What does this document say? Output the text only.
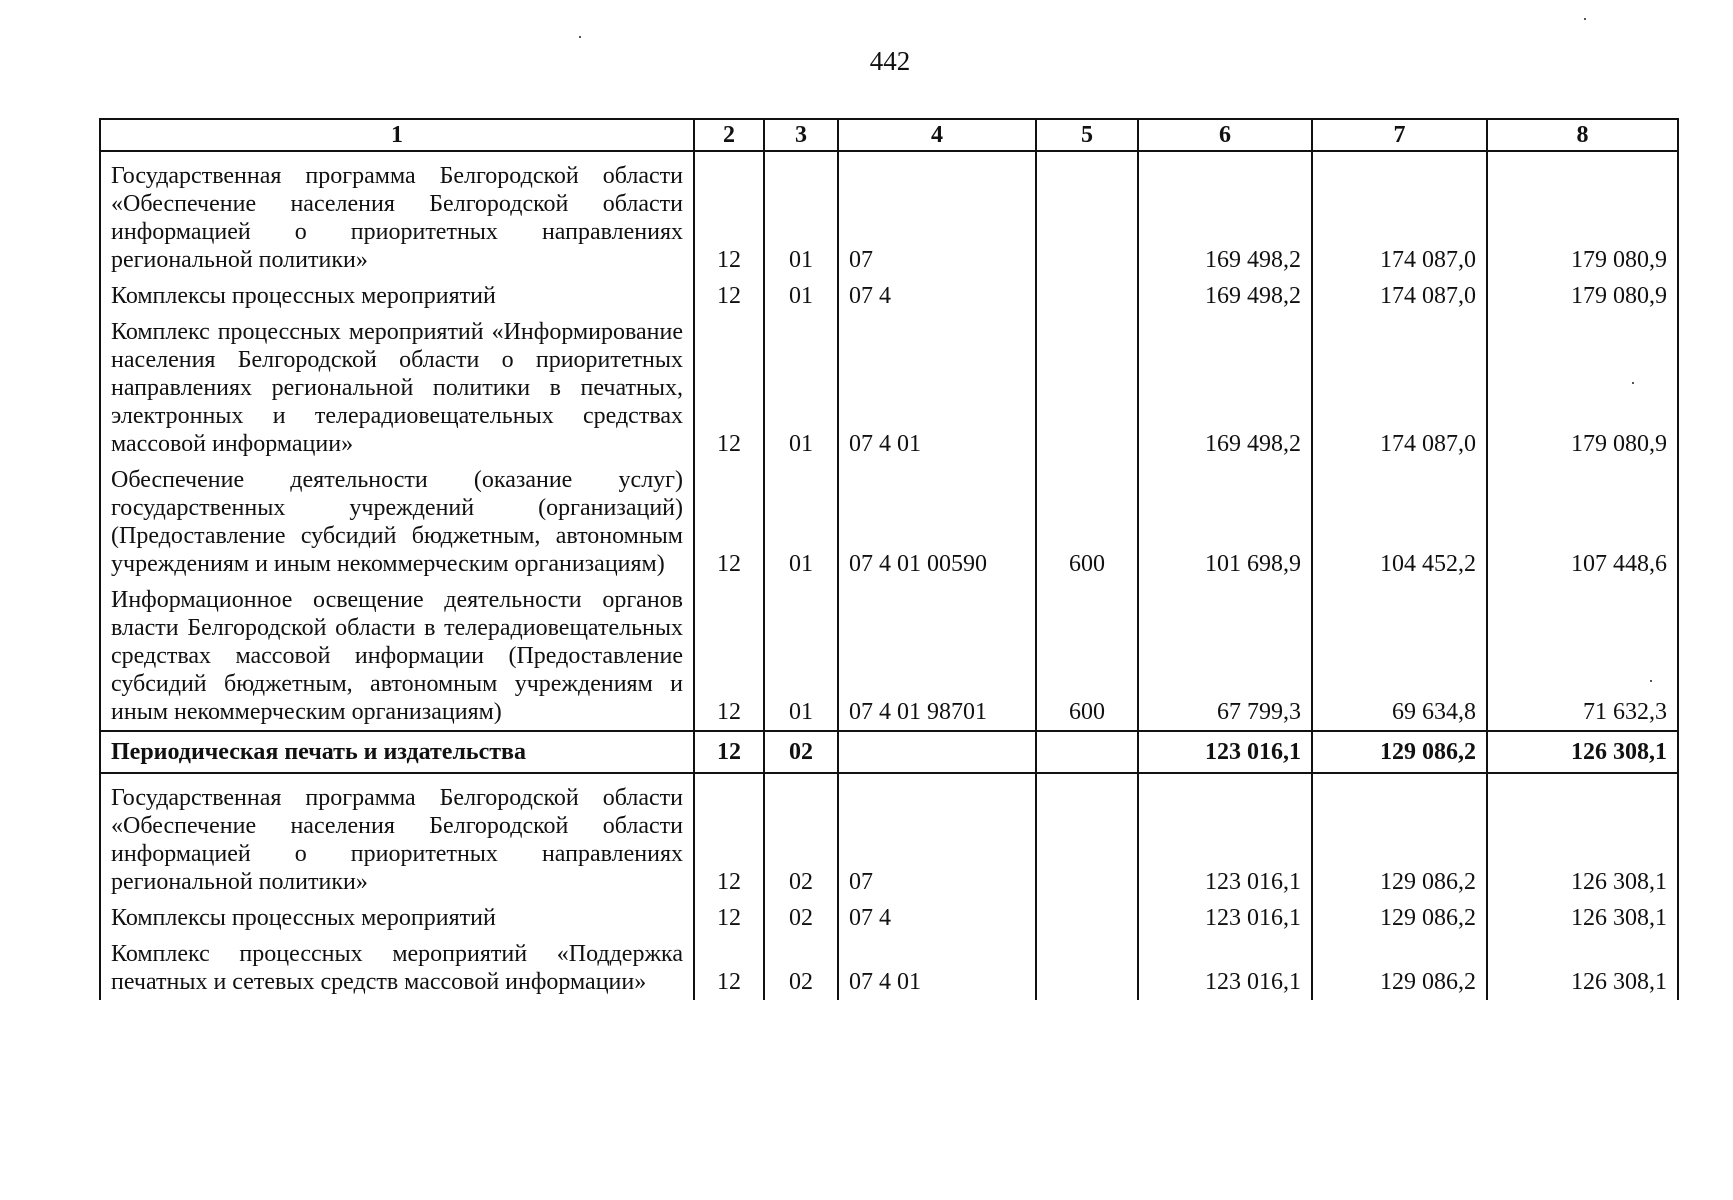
442
1	2	3	4	5	6	7	8
Государственная программа Белгородской области «Обеспечение населения Белгородской области информацией о приоритетных направлениях региональной политики»	12	01	07		169 498,2	174 087,0	179 080,9
Комплексы процессных мероприятий	12	01	07 4		169 498,2	174 087,0	179 080,9
Комплекс процессных мероприятий «Информирование населения Белгородской области о приоритетных направлениях региональной политики в печатных, электронных и телерадиовещательных средствах массовой информации»	12	01	07 4 01		169 498,2	174 087,0	179 080,9
Обеспечение деятельности (оказание услуг) государственных учреждений (организаций) (Предоставление субсидий бюджетным, автономным учреждениям и иным некоммерческим организациям)	12	01	07 4 01 00590	600	101 698,9	104 452,2	107 448,6
Информационное освещение деятельности органов власти Белгородской области в телерадиовещательных средствах массовой информации (Предоставление субсидий бюджетным, автономным учреждениям и иным некоммерческим организациям)	12	01	07 4 01 98701	600	67 799,3	69 634,8	71 632,3
Периодическая печать и издательства	12	02			123 016,1	129 086,2	126 308,1
Государственная программа Белгородской области «Обеспечение населения Белгородской области информацией о приоритетных направлениях региональной политики»	12	02	07		123 016,1	129 086,2	126 308,1
Комплексы процессных мероприятий	12	02	07 4		123 016,1	129 086,2	126 308,1
Комплекс процессных мероприятий «Поддержка печатных и сетевых средств массовой информации»	12	02	07 4 01		123 016,1	129 086,2	126 308,1
